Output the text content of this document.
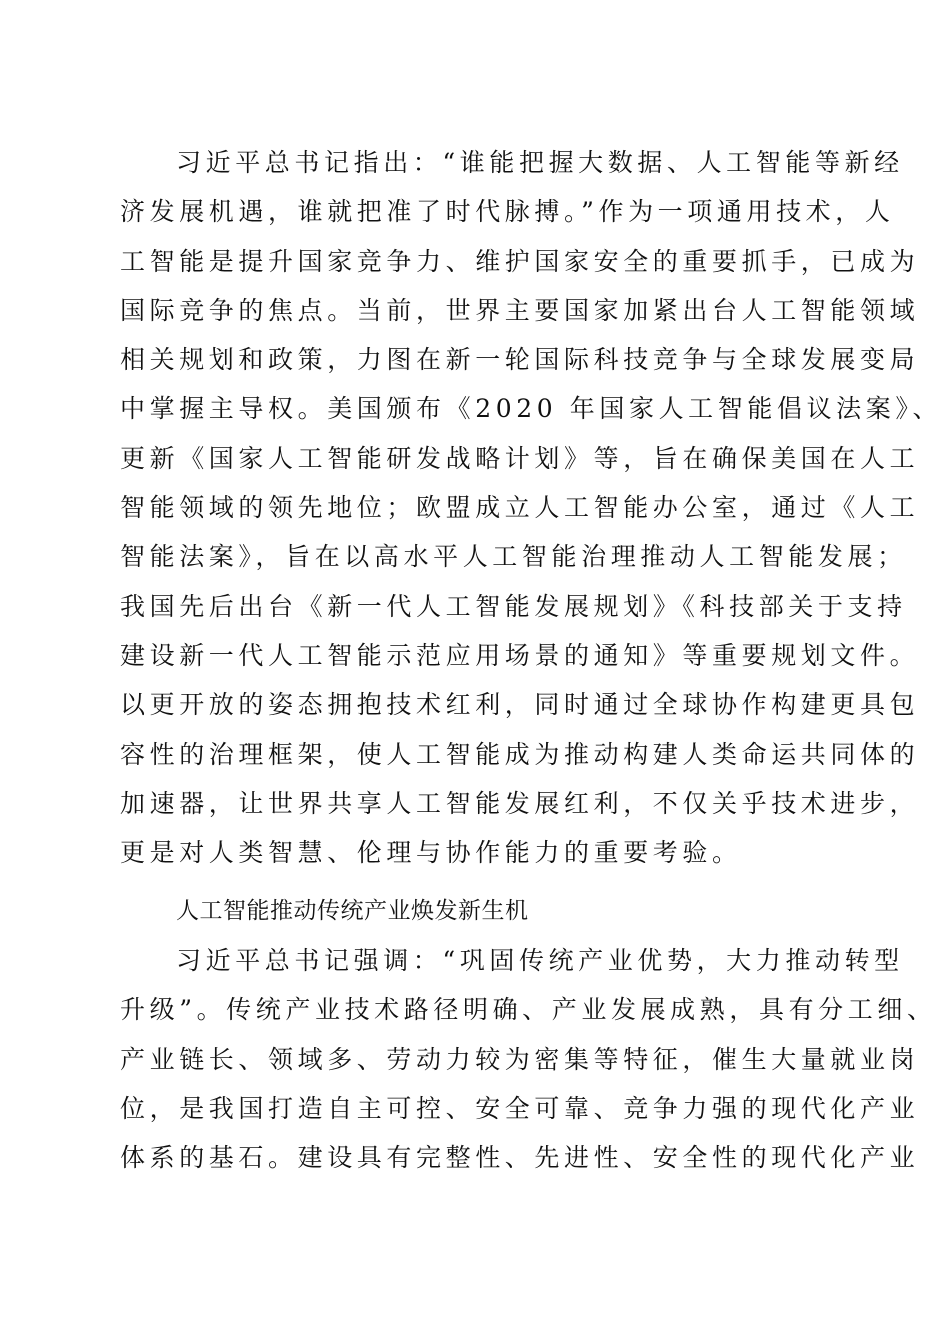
习近平总书记指出：“谁能把握大数据、人工智能等新经
济发展机遇，谁就把准了时代脉搏。”作为一项通用技术，人
工智能是提升国家竞争力、维护国家安全的重要抓手，已成为
国际竞争的焦点。当前，世界主要国家加紧出台人工智能领域
相关规划和政策，力图在新一轮国际科技竞争与全球发展变局
中掌握主导权。美国颁布《2020 年国家人工智能倡议法案》、
更新《国家人工智能研发战略计划》等，旨在确保美国在人工
智能领域的领先地位；欧盟成立人工智能办公室，通过《人工
智能法案》，旨在以高水平人工智能治理推动人工智能发展；
我国先后出台《新一代人工智能发展规划》《科技部关于支持
建设新一代人工智能示范应用场景的通知》等重要规划文件。
以更开放的姿态拥抱技术红利，同时通过全球协作构建更具包
容性的治理框架，使人工智能成为推动构建人类命运共同体的
加速器，让世界共享人工智能发展红利，不仅关乎技术进步，
更是对人类智慧、伦理与协作能力的重要考验。
人工智能推动传统产业焕发新生机
习近平总书记强调：“巩固传统产业优势，大力推动转型
升级”。传统产业技术路径明确、产业发展成熟，具有分工细、
产业链长、领域多、劳动力较为密集等特征，催生大量就业岗
位，是我国打造自主可控、安全可靠、竞争力强的现代化产业
体系的基石。建设具有完整性、先进性、安全性的现代化产业
